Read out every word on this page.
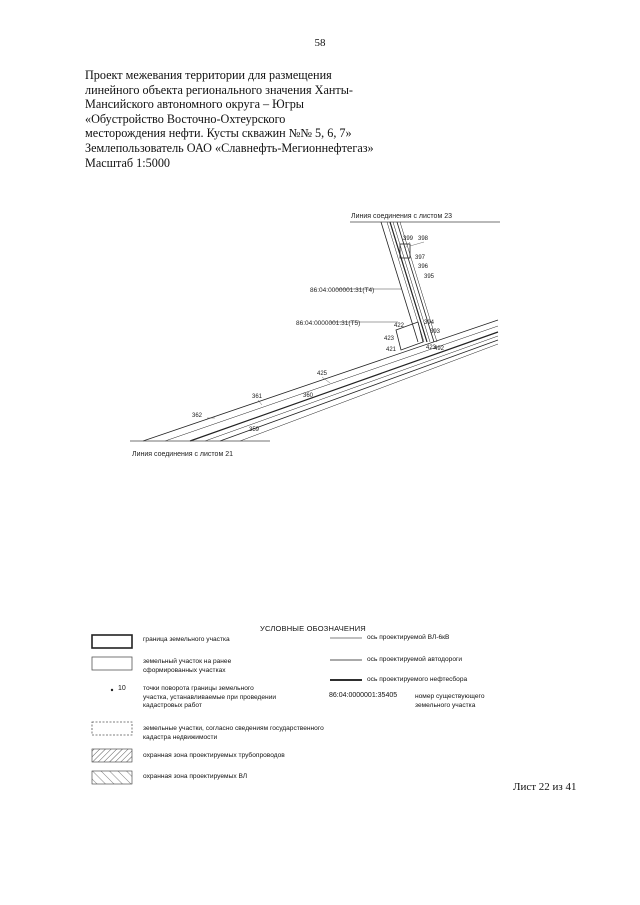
58
Проект межевания территории для размещения
линейного объекта регионального значения Ханты-
Мансийского автономного округа – Югры
«Обустройство Восточно-Охтеурского
месторождения нефти. Кусты скважин №№ 5, 6, 7»
Землепользователь ОАО «Славнефть-Мегионнефтегаз»
Масштаб 1:5000
Линия соединения с листом 23
Линия соединения с листом 21
86:04:0000001:31(Т4)
86:04:0000001:31(Т5)
399 398
397
396
395
422	394
393
423
421	423
492
425
361	360
362
359
УСЛОВНЫЕ ОБОЗНАЧЕНИЯ
граница земельного участка
земельный участок на ранее сформированных участках
10	точки поворота границы земельного участка, устанавливаемые при проведении кадастровых работ
земельные участки, согласно сведениям государственного кадастра недвижимости
охранная зона проектируемых трубопроводов
охранная зона проектируемых ВЛ
ось проектируемой ВЛ-6кВ
ось проектируемой автодороги
ось проектируемого нефтесбора
86:04:0000001:35405	номер существующего земельного участка
Лист 22 из 41
